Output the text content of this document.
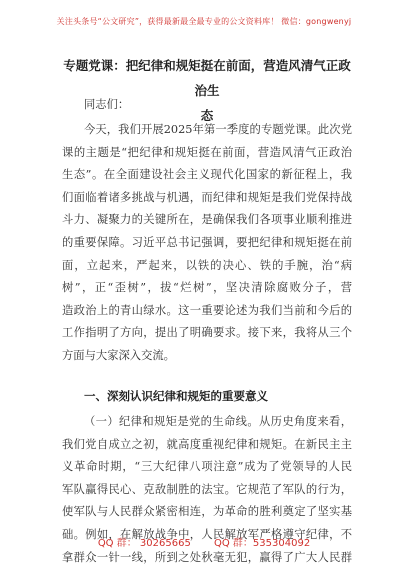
关注头条号“公文研究”，获得最新最全最专业的公文资料库！ 微信：gongwenyj
专题党课：把纪律和规矩挺在前面，营造风清气正政治生
态
同志们：
今天，我们开展2025年第一季度的专题党课。此次党
课的主题是“把纪律和规矩挺在前面，营造风清气正政治
生态”。在全面建设社会主义现代化国家的新征程上，我
们面临着诸多挑战与机遇，而纪律和规矩是我们党保持战
斗力、凝聚力的关键所在，是确保我们各项事业顺利推进
的重要保障。习近平总书记强调，要把纪律和规矩挺在前
面，立起来，严起来，以铁的决心、铁的手腕，治“病
树”，正“歪树”，拔“烂树”，坚决清除腐败分子，营
造政治上的青山绿水。这一重要论述为我们当前和今后的
工作指明了方向，提出了明确要求。接下来，我将从三个
方面与大家深入交流。
一、深刻认识纪律和规矩的重要意义
（一）纪律和规矩是党的生命线。从历史角度来看，
我们党自成立之初，就高度重视纪律和规矩。在新民主主
义革命时期，“三大纪律八项注意”成为了党领导的人民
军队赢得民心、克敌制胜的法宝。它规范了军队的行为，
使军队与人民群众紧密相连，为革命的胜利奠定了坚实基
础。例如，在解放战争中，人民解放军严格遵守纪律，不
拿群众一针一线，所到之处秋毫无犯，赢得了广大人民群
QQ 群： 30265665 QQ 群：535304092
